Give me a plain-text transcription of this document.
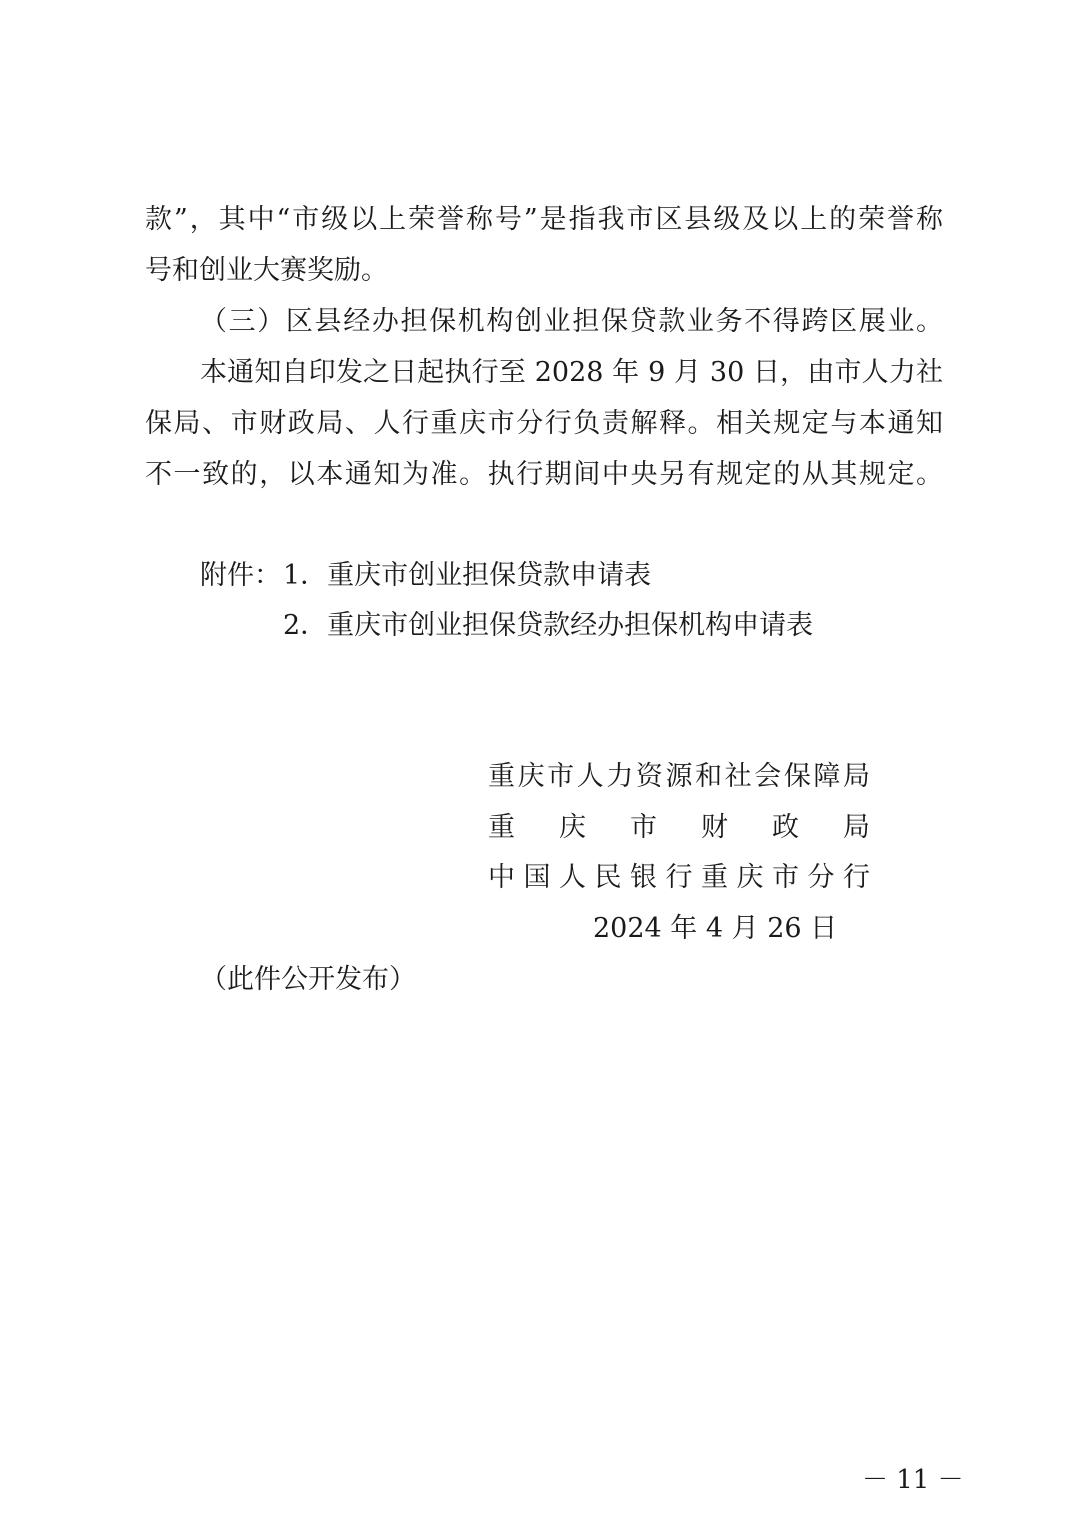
款”，其中“市级以上荣誉称号”是指我市区县级及以上的荣誉称
号和创业大赛奖励。
（三）区县经办担保机构创业担保贷款业务不得跨区展业。
本通知自印发之日起执行至 2028 年 9 月 30 日，由市人力社
保局、市财政局、人行重庆市分行负责解释。相关规定与本通知
不一致的，以本通知为准。执行期间中央另有规定的从其规定。
附件： 1．重庆市创业担保贷款申请表
2．重庆市创业担保贷款经办担保机构申请表
重庆市人力资源和社会保障局
重庆市财政局
中国人民银行重庆市分行
2024 年 4 月 26 日
（此件公开发布）
－ 11 －
